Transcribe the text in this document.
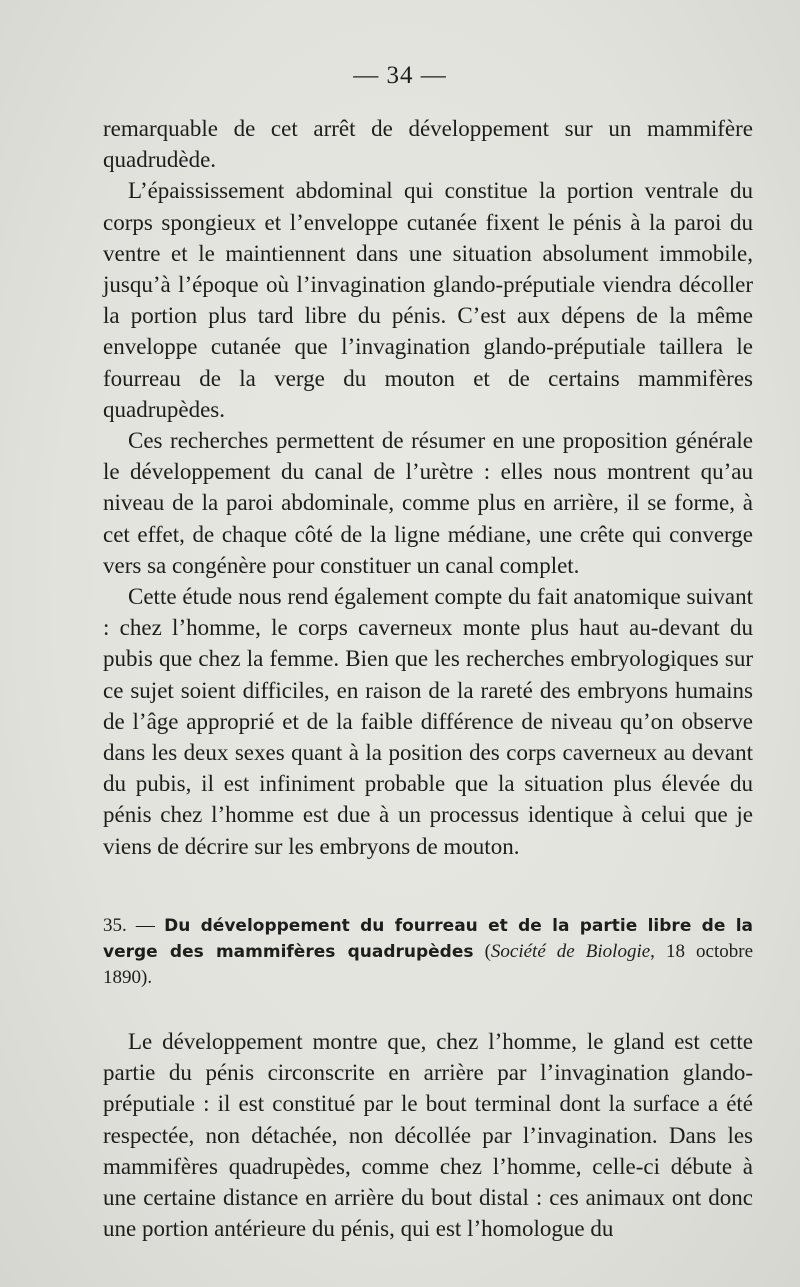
— 34 —

remarquable de cet arrêt de développement sur un mammifère quadrudède.

L’épaississement abdominal qui constitue la portion ventrale du corps spongieux et l’enveloppe cutanée fixent le pénis à la paroi du ventre et le maintiennent dans une situation absolument immobile, jusqu’à l’époque où l’invagination glando-préputiale viendra décoller la portion plus tard libre du pénis. C’est aux dépens de la même enveloppe cutanée que l’invagination glando-préputiale taillera le fourreau de la verge du mouton et de certains mammifères quadrupèdes.

Ces recherches permettent de résumer en une proposition générale le développement du canal de l’urètre : elles nous montrent qu’au niveau de la paroi abdominale, comme plus en arrière, il se forme, à cet effet, de chaque côté de la ligne médiane, une crête qui converge vers sa congénère pour constituer un canal complet.

Cette étude nous rend également compte du fait anatomique suivant : chez l’homme, le corps caverneux monte plus haut au-devant du pubis que chez la femme. Bien que les recherches embryologiques sur ce sujet soient difficiles, en raison de la rareté des embryons humains de l’âge approprié et de la faible différence de niveau qu’on observe dans les deux sexes quant à la position des corps caverneux au devant du pubis, il est infiniment probable que la situation plus élevée du pénis chez l’homme est due à un processus identique à celui que je viens de décrire sur les embryons de mouton.

35. — Du développement du fourreau et de la partie libre de la verge des mammifères quadrupèdes (Société de Biologie, 18 octobre 1890).

Le développement montre que, chez l’homme, le gland est cette partie du pénis circonscrite en arrière par l’invagination glando-préputiale : il est constitué par le bout terminal dont la surface a été respectée, non détachée, non décollée par l’invagination. Dans les mammifères quadrupèdes, comme chez l’homme, celle-ci débute à une certaine distance en arrière du bout distal : ces animaux ont donc une portion antérieure du pénis, qui est l’homologue du
